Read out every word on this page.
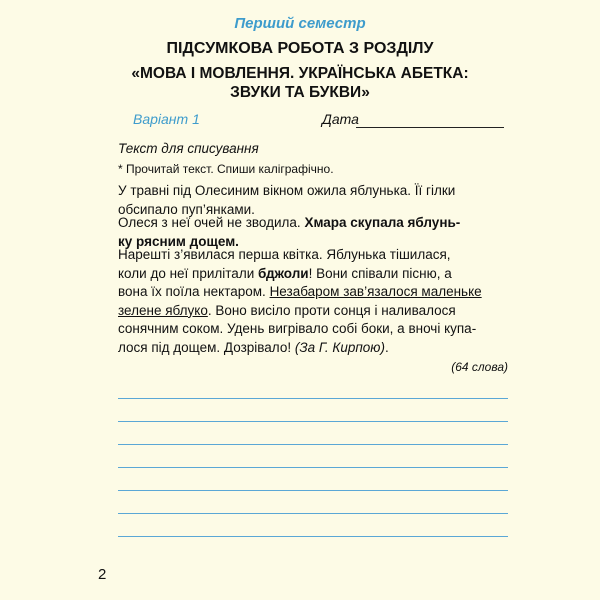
Перший семестр
ПІДСУМКОВА РОБОТА З РОЗДІЛУ
«МОВА І МОВЛЕННЯ. УКРАЇНСЬКА АБЕТКА:
ЗВУКИ ТА БУКВИ»
Варіант 1	Дата
Текст для списування
* Прочитай текст. Спиши каліграфічно.
У травні під Олесиним вікном ожила яблунька. Її гілки
обсипало пуп’янками.
Олеся з неї очей не зводила. Хмара скупала яблунь-
ку рясним дощем.
Нарешті з’явилася перша квітка. Яблунька тішилася,
коли до неї прилітали бджоли! Вони співали пісню, а
вона їх поїла нектаром. Незабаром зав’язалося маленьке
зелене яблуко. Воно висіло проти сонця і наливалося
сонячним соком. Удень вигрівало собі боки, а вночі купа-
лося під дощем. Дозрівало! (За Г. Кирпою).
(64 слова)
2
